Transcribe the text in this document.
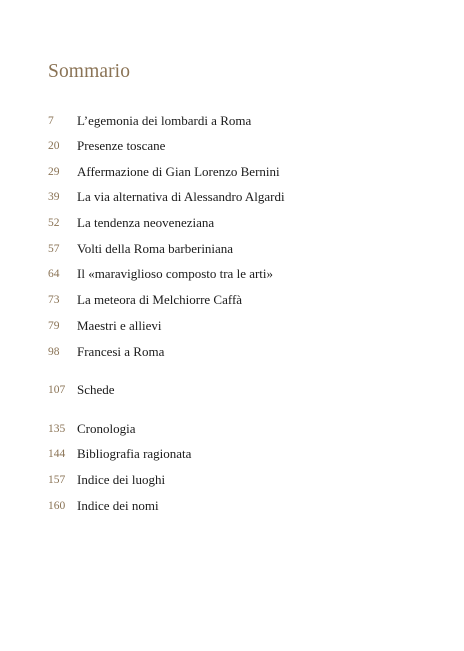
Sommario
7 L’egemonia dei lombardi a Roma
20 Presenze toscane
29 Affermazione di Gian Lorenzo Bernini
39 La via alternativa di Alessandro Algardi
52 La tendenza neoveneziana
57 Volti della Roma barberiniana
64 Il «maraviglioso composto tra le arti»
73 La meteora di Melchiorre Caffà
79 Maestri e allievi
98 Francesi a Roma
107 Schede
135 Cronologia
144 Bibliografia ragionata
157 Indice dei luoghi
160 Indice dei nomi
